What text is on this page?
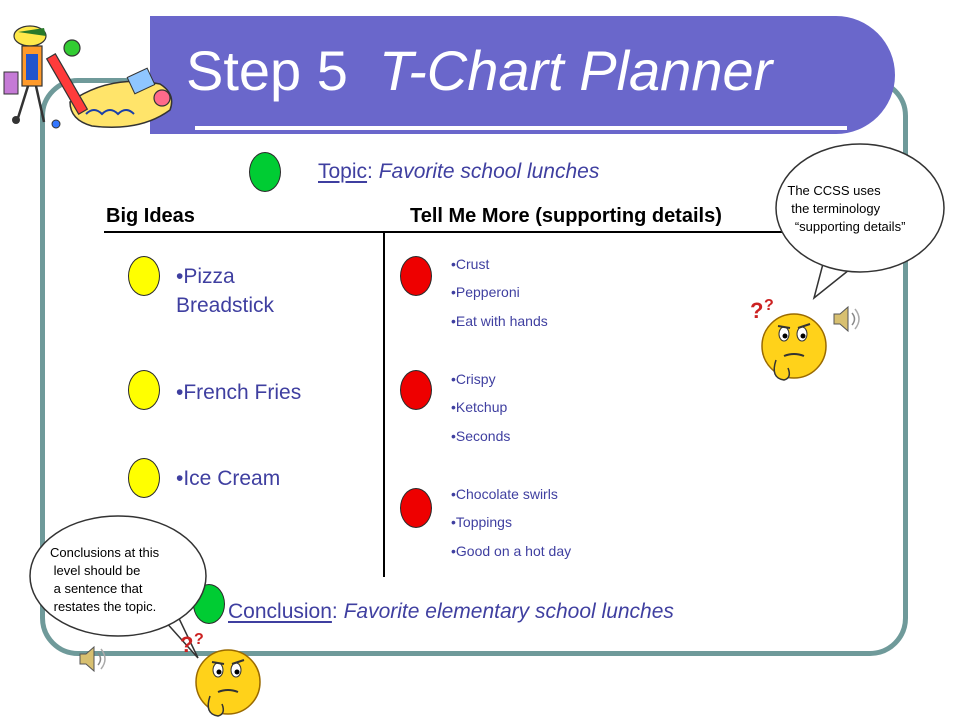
Step 5 T-Chart Planner
Topic: Favorite school lunches
Big Ideas	Tell Me More (supporting details)
•Pizza
Breadstick
•Crust
•Pepperoni
•Eat with hands
•French Fries
•Crispy
•Ketchup
•Seconds
•Ice Cream
•Chocolate swirls
•Toppings
•Good on a hot day
Conclusion: Favorite elementary school lunches
The CCSS uses
the terminology
“supporting details”
? ?
Conclusions at this
level should be
a sentence that
restates the topic.
? ?
